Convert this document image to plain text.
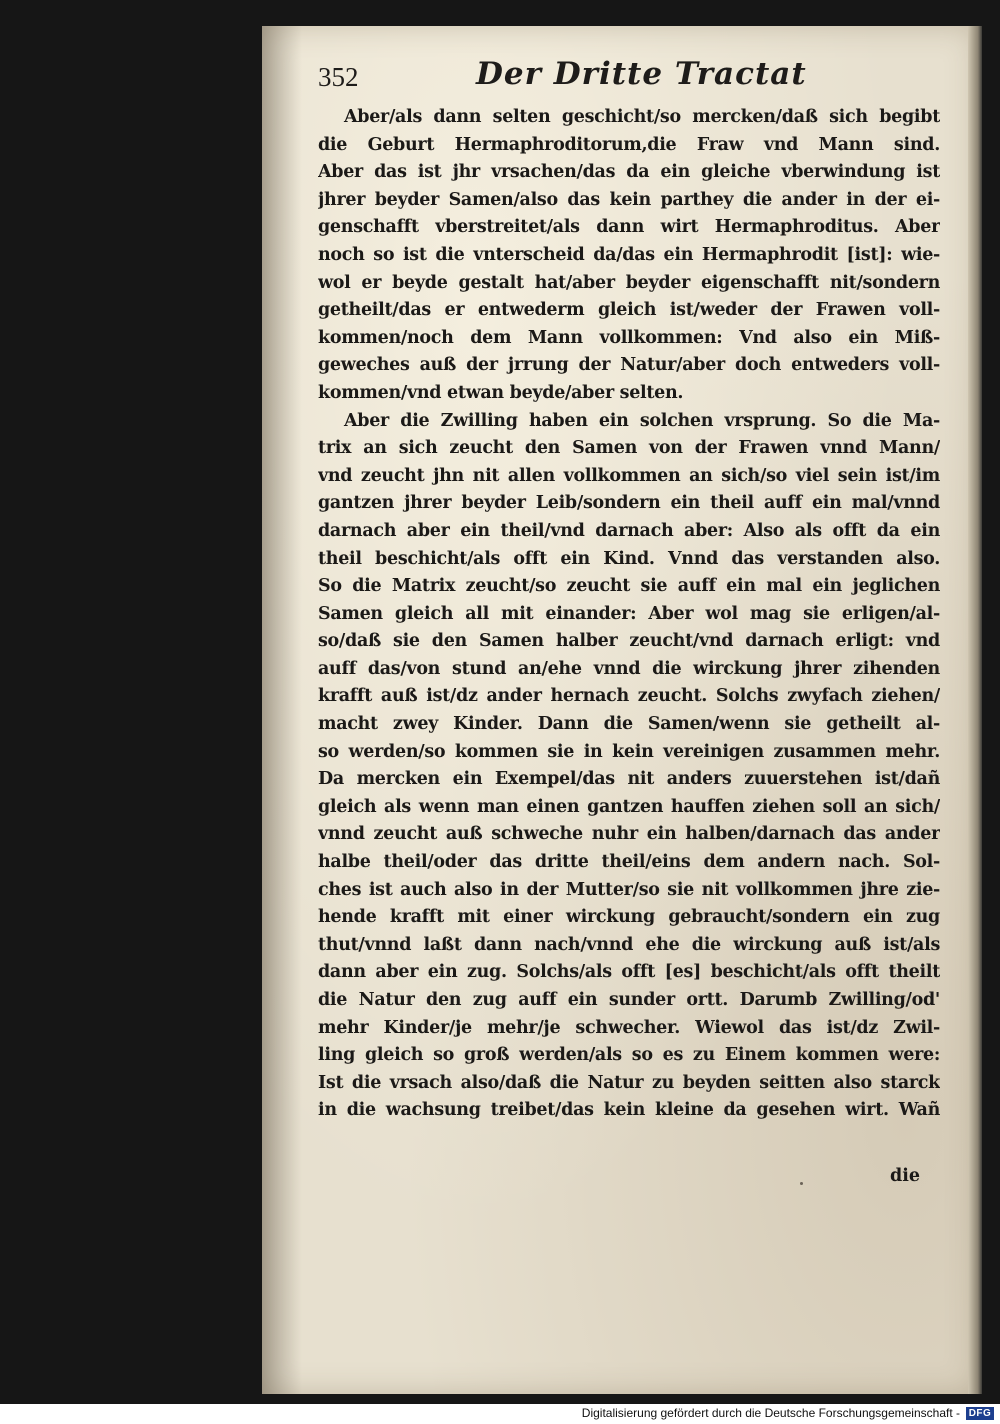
352	Der Dritte Tractat
Aber/als dann selten geschicht/so mercken/daß sich begibt
die Geburt Hermaphroditorum,die Fraw vnd Mann sind.
Aber das ist jhr vrsachen/das da ein gleiche vberwindung ist
jhrer beyder Samen/also das kein parthey die ander in der ei-
genschafft vberstreitet/als dann wirt Hermaphroditus. Aber
noch so ist die vnterscheid da/das ein Hermaphrodit [ist]: wie-
wol er beyde gestalt hat/aber beyder eigenschafft nit/sondern
getheilt/das er entwederm gleich ist/weder der Frawen voll-
kommen/noch dem Mann vollkommen: Vnd also ein Miß-
geweches auß der jrrung der Natur/aber doch entweders voll-
kommen/vnd etwan beyde/aber selten.
Aber die Zwilling haben ein solchen vrsprung. So die Ma-
trix an sich zeucht den Samen von der Frawen vnnd Mann/
vnd zeucht jhn nit allen vollkommen an sich/so viel sein ist/im
gantzen jhrer beyder Leib/sondern ein theil auff ein mal/vnnd
darnach aber ein theil/vnd darnach aber: Also als offt da ein
theil beschicht/als offt ein Kind. Vnnd das verstanden also.
So die Matrix zeucht/so zeucht sie auff ein mal ein jeglichen
Samen gleich all mit einander: Aber wol mag sie erligen/al-
so/daß sie den Samen halber zeucht/vnd darnach erligt: vnd
auff das/von stund an/ehe vnnd die wirckung jhrer zihenden
krafft auß ist/dz ander hernach zeucht. Solchs zwyfach ziehen/
macht zwey Kinder. Dann die Samen/wenn sie getheilt al-
so werden/so kommen sie in kein vereinigen zusammen mehr.
Da mercken ein Exempel/das nit anders zuuerstehen ist/dañ
gleich als wenn man einen gantzen hauffen ziehen soll an sich/
vnnd zeucht auß schweche nuhr ein halben/darnach das ander
halbe theil/oder das dritte theil/eins dem andern nach. Sol-
ches ist auch also in der Mutter/so sie nit vollkommen jhre zie-
hende krafft mit einer wirckung gebraucht/sondern ein zug
thut/vnnd laßt dann nach/vnnd ehe die wirckung auß ist/als
dann aber ein zug. Solchs/als offt [es] beschicht/als offt theilt
die Natur den zug auff ein sunder ortt. Darumb Zwilling/od'
mehr Kinder/je mehr/je schwecher. Wiewol das ist/dz Zwil-
ling gleich so groß werden/als so es zu Einem kommen were:
Ist die vrsach also/daß die Natur zu beyden seitten also starck
in die wachsung treibet/das kein kleine da gesehen wirt. Wañ
die
Digitalisierung gefördert durch die Deutsche Forschungsgemeinschaft - DFG
